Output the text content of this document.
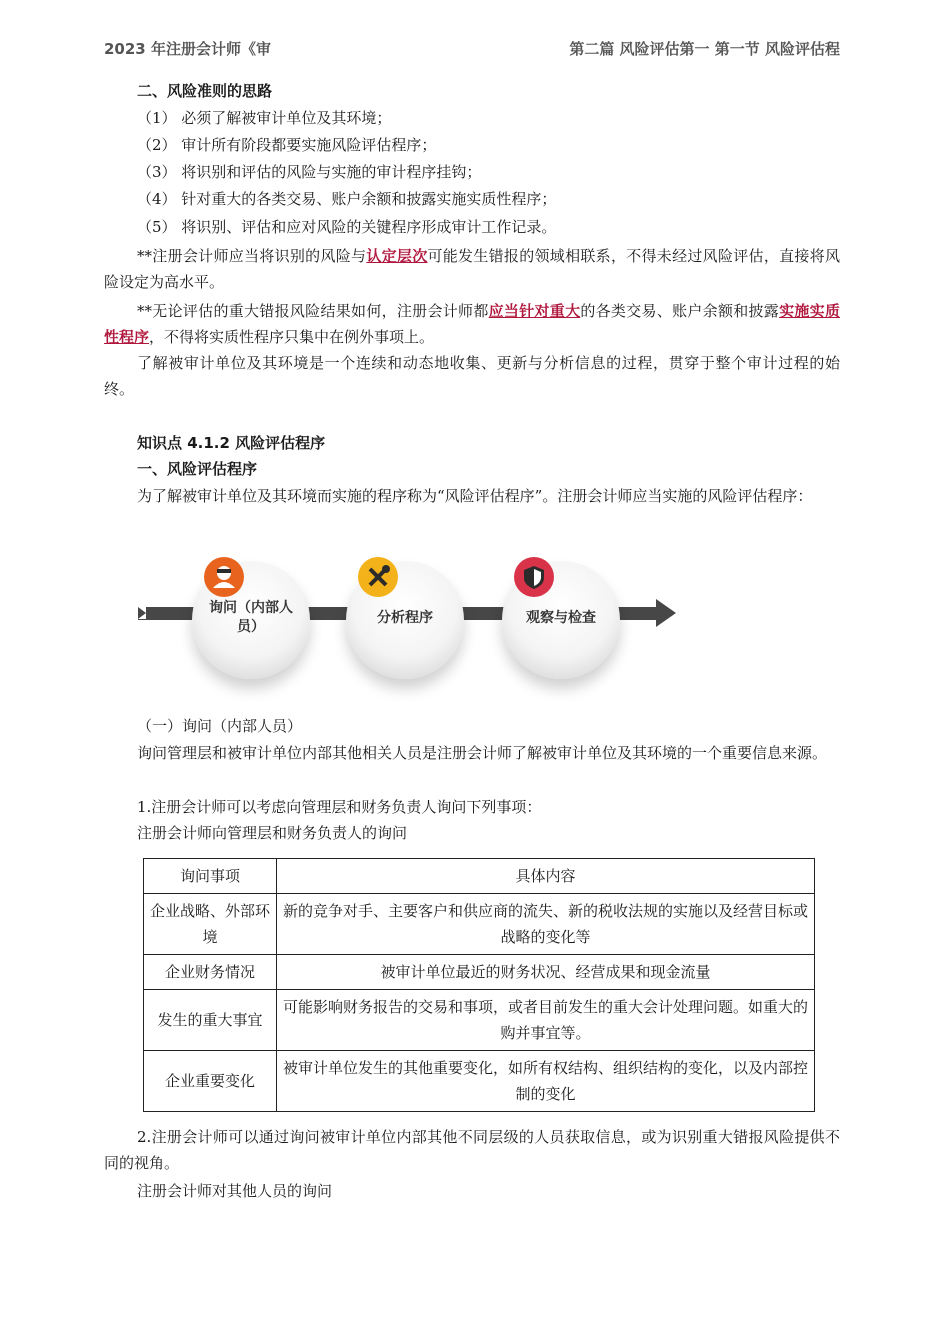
2023 年注册会计师《审	第二篇 风险评估第一 第一节 风险评估程
二、风险准则的思路
（1） 必须了解被审计单位及其环境；
（2） 审计所有阶段都要实施风险评估程序；
（3） 将识别和评估的风险与实施的审计程序挂钩；
（4） 针对重大的各类交易、账户余额和披露实施实质性程序；
（5） 将识别、评估和应对风险的关键程序形成审计工作记录。
**注册会计师应当将识别的风险与认定层次可能发生错报的领域相联系，不得未经过风险评估，直接将风险设定为高水平。
**无论评估的重大错报风险结果如何，注册会计师都应当针对重大的各类交易、账户余额和披露实施实质性程序，不得将实质性程序只集中在例外事项上。
了解被审计单位及其环境是一个连续和动态地收集、更新与分析信息的过程，贯穿于整个审计过程的始终。
知识点 4.1.2 风险评估程序
一、风险评估程序
为了解被审计单位及其环境而实施的程序称为“风险评估程序”。注册会计师应当实施的风险评估程序：
询问（内部人
员）
分析程序	观察与检查
（一）询问（内部人员）
询问管理层和被审计单位内部其他相关人员是注册会计师了解被审计单位及其环境的一个重要信息来源。
1.注册会计师可以考虑向管理层和财务负责人询问下列事项：
注册会计师向管理层和财务负责人的询问
询问事项	具体内容
企业战略、外部环境	新的竞争对手、主要客户和供应商的流失、新的税收法规的实施以及经营目标或战略的变化等
企业财务情况	被审计单位最近的财务状况、经营成果和现金流量
发生的重大事宜	可能影响财务报告的交易和事项，或者目前发生的重大会计处理问题。如重大的购并事宜等。
企业重要变化	被审计单位发生的其他重要变化，如所有权结构、组织结构的变化，以及内部控制的变化
2.注册会计师可以通过询问被审计单位内部其他不同层级的人员获取信息，或为识别重大错报风险提供不同的视角。
注册会计师对其他人员的询问
